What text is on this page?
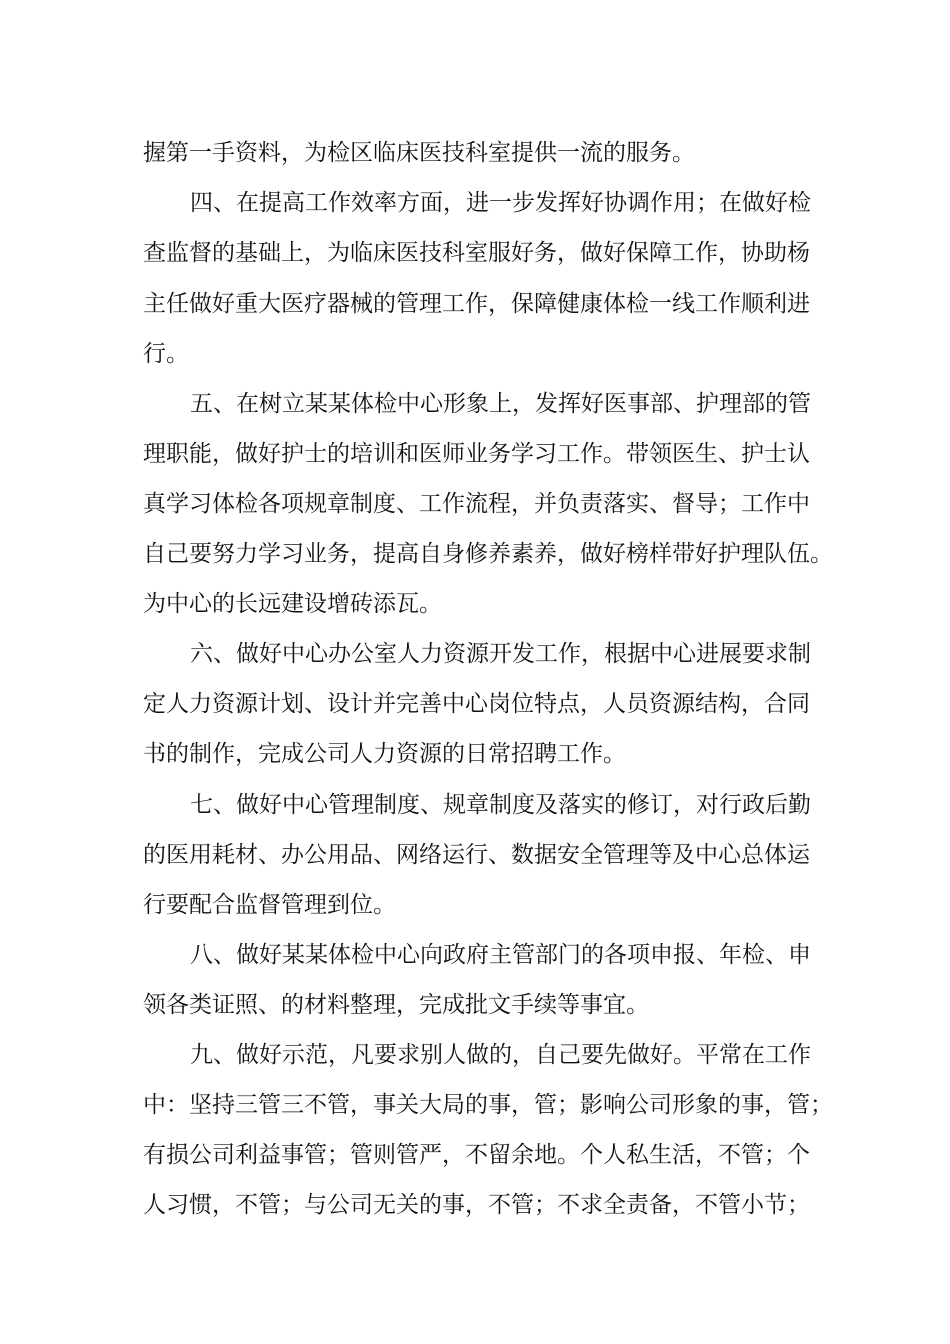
握第一手资料，为检区临床医技科室提供一流的服务。
四、在提高工作效率方面，进一步发挥好协调作用；在做好检
查监督的基础上，为临床医技科室服好务，做好保障工作，协助杨
主任做好重大医疗器械的管理工作，保障健康体检一线工作顺利进
行。
五、在树立某某体检中心形象上，发挥好医事部、护理部的管
理职能，做好护士的培训和医师业务学习工作。带领医生、护士认
真学习体检各项规章制度、工作流程，并负责落实、督导；工作中
自己要努力学习业务，提高自身修养素养，做好榜样带好护理队伍。
为中心的长远建设增砖添瓦。
六、做好中心办公室人力资源开发工作，根据中心进展要求制
定人力资源计划、设计并完善中心岗位特点，人员资源结构，合同
书的制作，完成公司人力资源的日常招聘工作。
七、做好中心管理制度、规章制度及落实的修订，对行政后勤
的医用耗材、办公用品、网络运行、数据安全管理等及中心总体运
行要配合监督管理到位。
八、做好某某体检中心向政府主管部门的各项申报、年检、申
领各类证照、的材料整理，完成批文手续等事宜。
九、做好示范，凡要求别人做的，自己要先做好。平常在工作
中：坚持三管三不管，事关大局的事，管；影响公司形象的事，管；
有损公司利益事管；管则管严，不留余地。个人私生活，不管；个
人习惯，不管；与公司无关的事，不管；不求全责备，不管小节；
